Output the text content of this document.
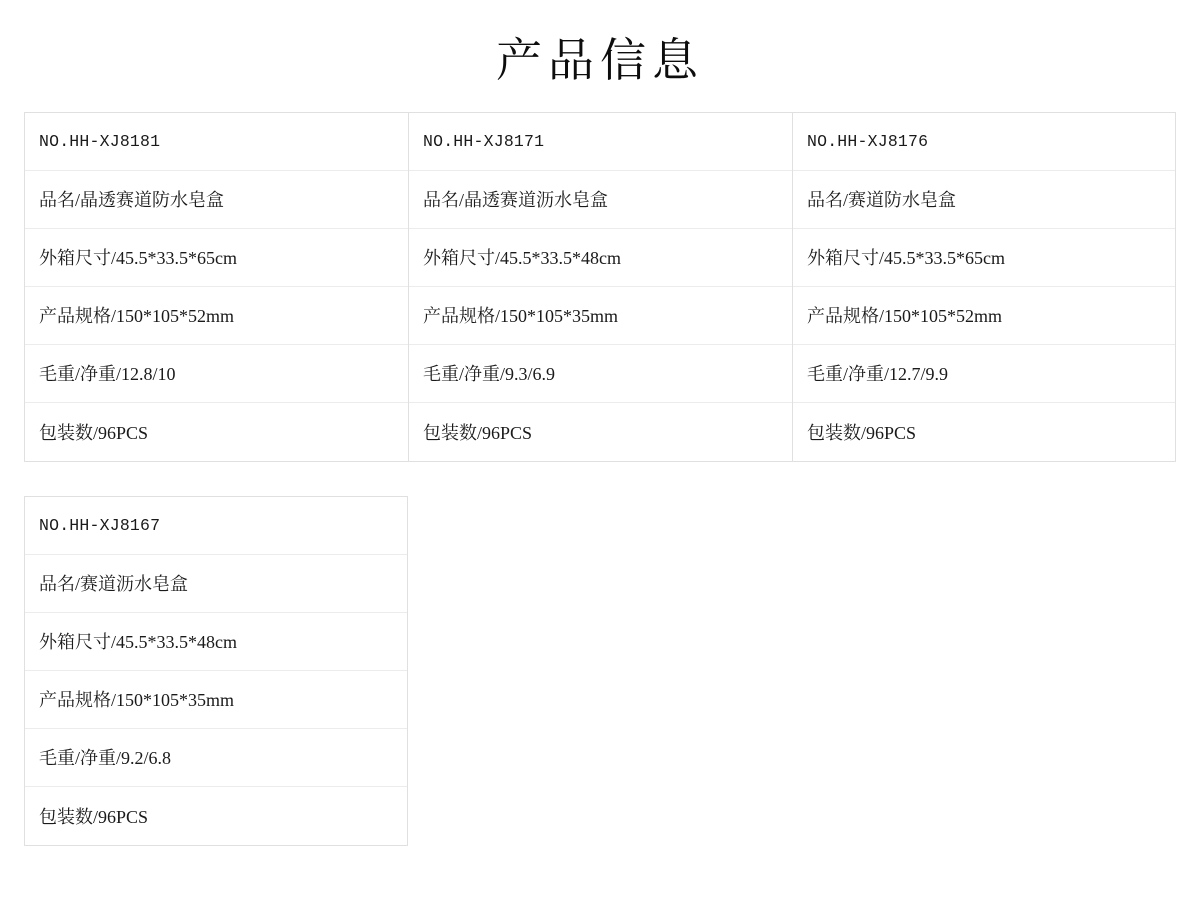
产品信息
NO.HH-XJ8181
品名/晶透赛道防水皂盒
外箱尺寸/45.5*33.5*65cm
产品规格/150*105*52mm
毛重/净重/12.8/10
包装数/96PCS
NO.HH-XJ8171
品名/晶透赛道沥水皂盒
外箱尺寸/45.5*33.5*48cm
产品规格/150*105*35mm
毛重/净重/9.3/6.9
包装数/96PCS
NO.HH-XJ8176
品名/赛道防水皂盒
外箱尺寸/45.5*33.5*65cm
产品规格/150*105*52mm
毛重/净重/12.7/9.9
包装数/96PCS
NO.HH-XJ8167
品名/赛道沥水皂盒
外箱尺寸/45.5*33.5*48cm
产品规格/150*105*35mm
毛重/净重/9.2/6.8
包装数/96PCS
